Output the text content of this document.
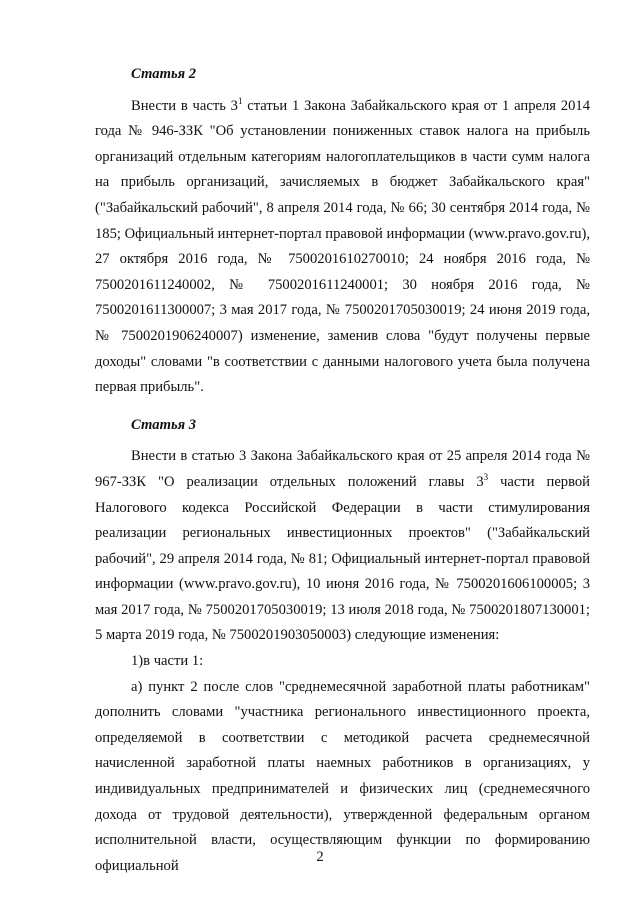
Статья 2

Внести в часть $3^1$ статьи 1 Закона Забайкальского края от 1 апреля 2014 года № 946-ЗЗК "Об установлении пониженных ставок налога на прибыль организаций отдельным категориям налогоплательщиков в части сумм налога на прибыль организаций, зачисляемых в бюджет Забайкальского края" ("Забайкальский рабочий", 8 апреля 2014 года, № 66; 30 сентября 2014 года, № 185; Официальный интернет-портал правовой информации (www.pravo.gov.ru), 27 октября 2016 года, № 7500201610270010; 24 ноября 2016 года, № 7500201611240002, № 7500201611240001; 30 ноября 2016 года, № 7500201611300007; 3 мая 2017 года, № 7500201705030019; 24 июня 2019 года, № 7500201906240007) изменение, заменив слова "будут получены первые доходы" словами "в соответствии с данными налогового учета была получена первая прибыль".

Статья 3

Внести в статью 3 Закона Забайкальского края от 25 апреля 2014 года № 967-ЗЗК "О реализации отдельных положений главы $3^3$ части первой Налогового кодекса Российской Федерации в части стимулирования реализации региональных инвестиционных проектов" ("Забайкальский рабочий", 29 апреля 2014 года, № 81; Официальный интернет-портал правовой информации (www.pravo.gov.ru), 10 июня 2016 года, № 7500201606100005; 3 мая 2017 года, № 7500201705030019; 13 июля 2018 года, № 7500201807130001; 5 марта 2019 года, № 7500201903050003) следующие изменения:

1)в части 1:

а) пункт 2 после слов "среднемесячной заработной платы работникам" дополнить словами "участника регионального инвестиционного проекта, определяемой в соответствии с методикой расчета среднемесячной начисленной заработной платы наемных работников в организациях, у индивидуальных предпринимателей и физических лиц (среднемесячного дохода от трудовой деятельности), утвержденной федеральным органом исполнительной власти, осуществляющим функции по формированию официальной

2
